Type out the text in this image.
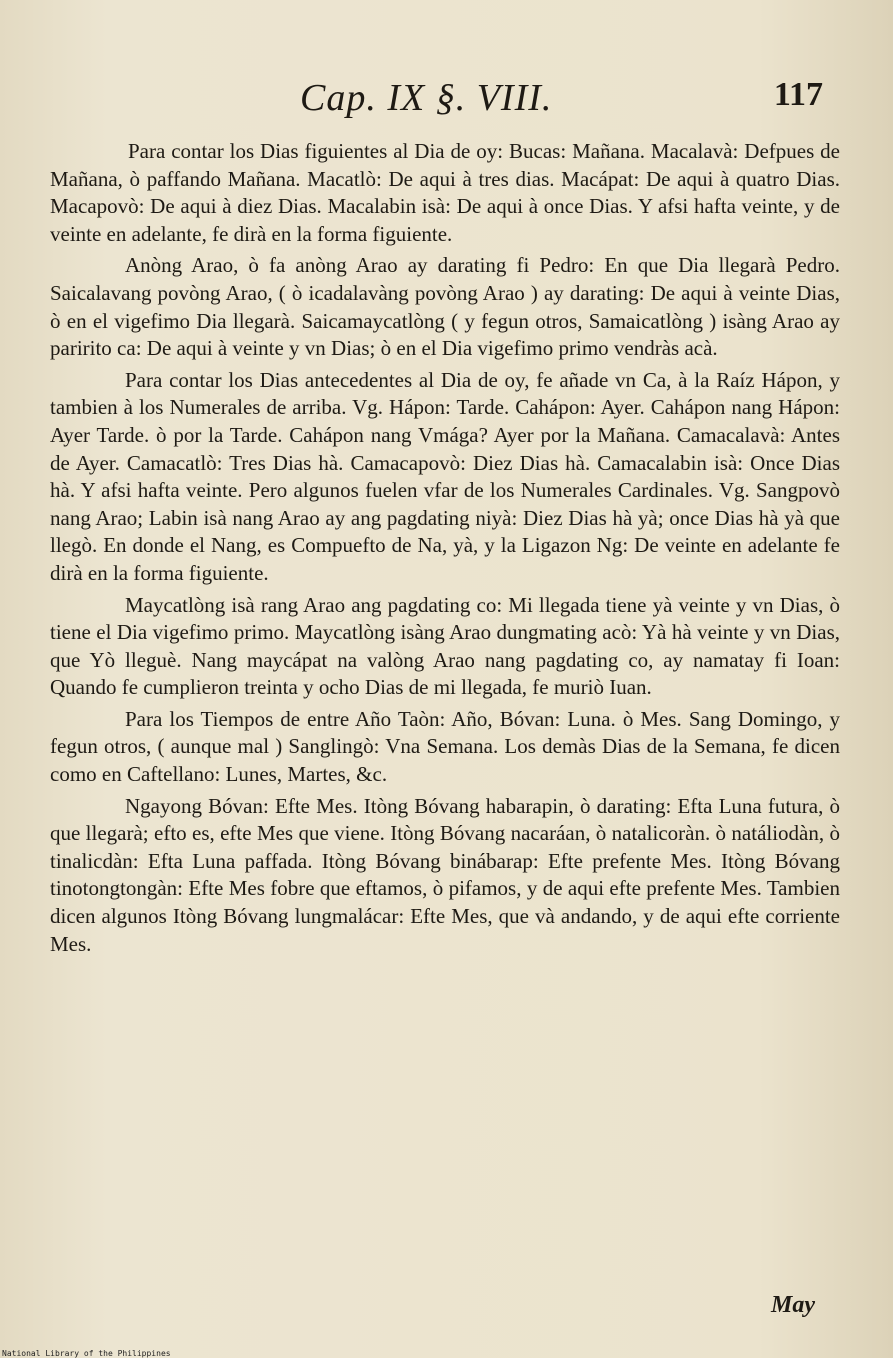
Cap. IX §. VIII.	117

Para contar los Dias figuientes al Dia de oy: Bucas: Mañana. Macalavà: Defpues de Mañana, ò paffando Mañana. Macatlò: De aqui à tres dias. Macápat: De aqui à quatro Dias. Macapovò: De aqui à diez Dias. Macalabin isà: De aqui à once Dias. Y afsi hafta veinte, y de veinte en adelante, fe dirà en la forma figuiente.

Anòng Arao, ò fa anòng Arao ay darating fi Pedro: En que Dia llegarà Pedro. Saicalavang povòng Arao, ( ò icadalavàng povòng Arao ) ay darating: De aqui à veinte Dias, ò en el vigefimo Dia llegarà. Saicamaycatlòng ( y fegun otros, Samaicatlòng ) isàng Arao ay paririto ca: De aqui à veinte y vn Dias; ò en el Dia vigefimo primo vendràs acà.

Para contar los Dias antecedentes al Dia de oy, fe añade vn Ca, à la Raíz Hápon, y tambien à los Numerales de arriba. Vg. Hápon: Tarde. Cahápon: Ayer. Cahápon nang Hápon: Ayer Tarde. ò por la Tarde. Cahápon nang Vmága? Ayer por la Mañana. Camacalavà: Antes de Ayer. Camacatlò: Tres Dias hà. Camacapovò: Diez Dias hà. Camacalabin isà: Once Dias hà. Y afsi hafta veinte. Pero algunos fuelen vfar de los Numerales Cardinales. Vg. Sangpovò nang Arao; Labin isà nang Arao ay ang pagdating niyà: Diez Dias hà yà; once Dias hà yà que llegò. En donde el Nang, es Compuefto de Na, yà, y la Ligazon Ng: De veinte en adelante fe dirà en la forma figuiente.

Maycatlòng isà rang Arao ang pagdating co: Mi llegada tiene yà veinte y vn Dias, ò tiene el Dia vigefimo primo. Maycatlòng isàng Arao dungmating acò: Yà hà veinte y vn Dias, que Yò lleguè. Nang maycápat na valòng Arao nang pagdating co, ay namatay fi Ioan: Quando fe cumplieron treinta y ocho Dias de mi llegada, fe muriò Iuan.

Para los Tiempos de entre Año Taòn: Año, Bóvan: Luna. ò Mes. Sang Domingo, y fegun otros, ( aunque mal ) Sanglingò: Vna Semana. Los demàs Dias de la Semana, fe dicen como en Caftellano: Lunes, Martes, &c.

Ngayong Bóvan: Efte Mes. Itòng Bóvang habarapin, ò darating: Efta Luna futura, ò que llegarà; efto es, efte Mes que viene. Itòng Bóvang nacaráan, ò natalicoràn. ò natáliodàn, ò tinalicdàn: Efta Luna paffada. Itòng Bóvang binábarap: Efte prefente Mes. Itòng Bóvang tinotongtongàn: Efte Mes fobre que eftamos, ò pifamos, y de aqui efte prefente Mes. Tambien dicen algunos Itòng Bóvang lungmalácar: Efte Mes, que và andando, y de aqui efte corriente Mes.

May
National Library of the Philippines
